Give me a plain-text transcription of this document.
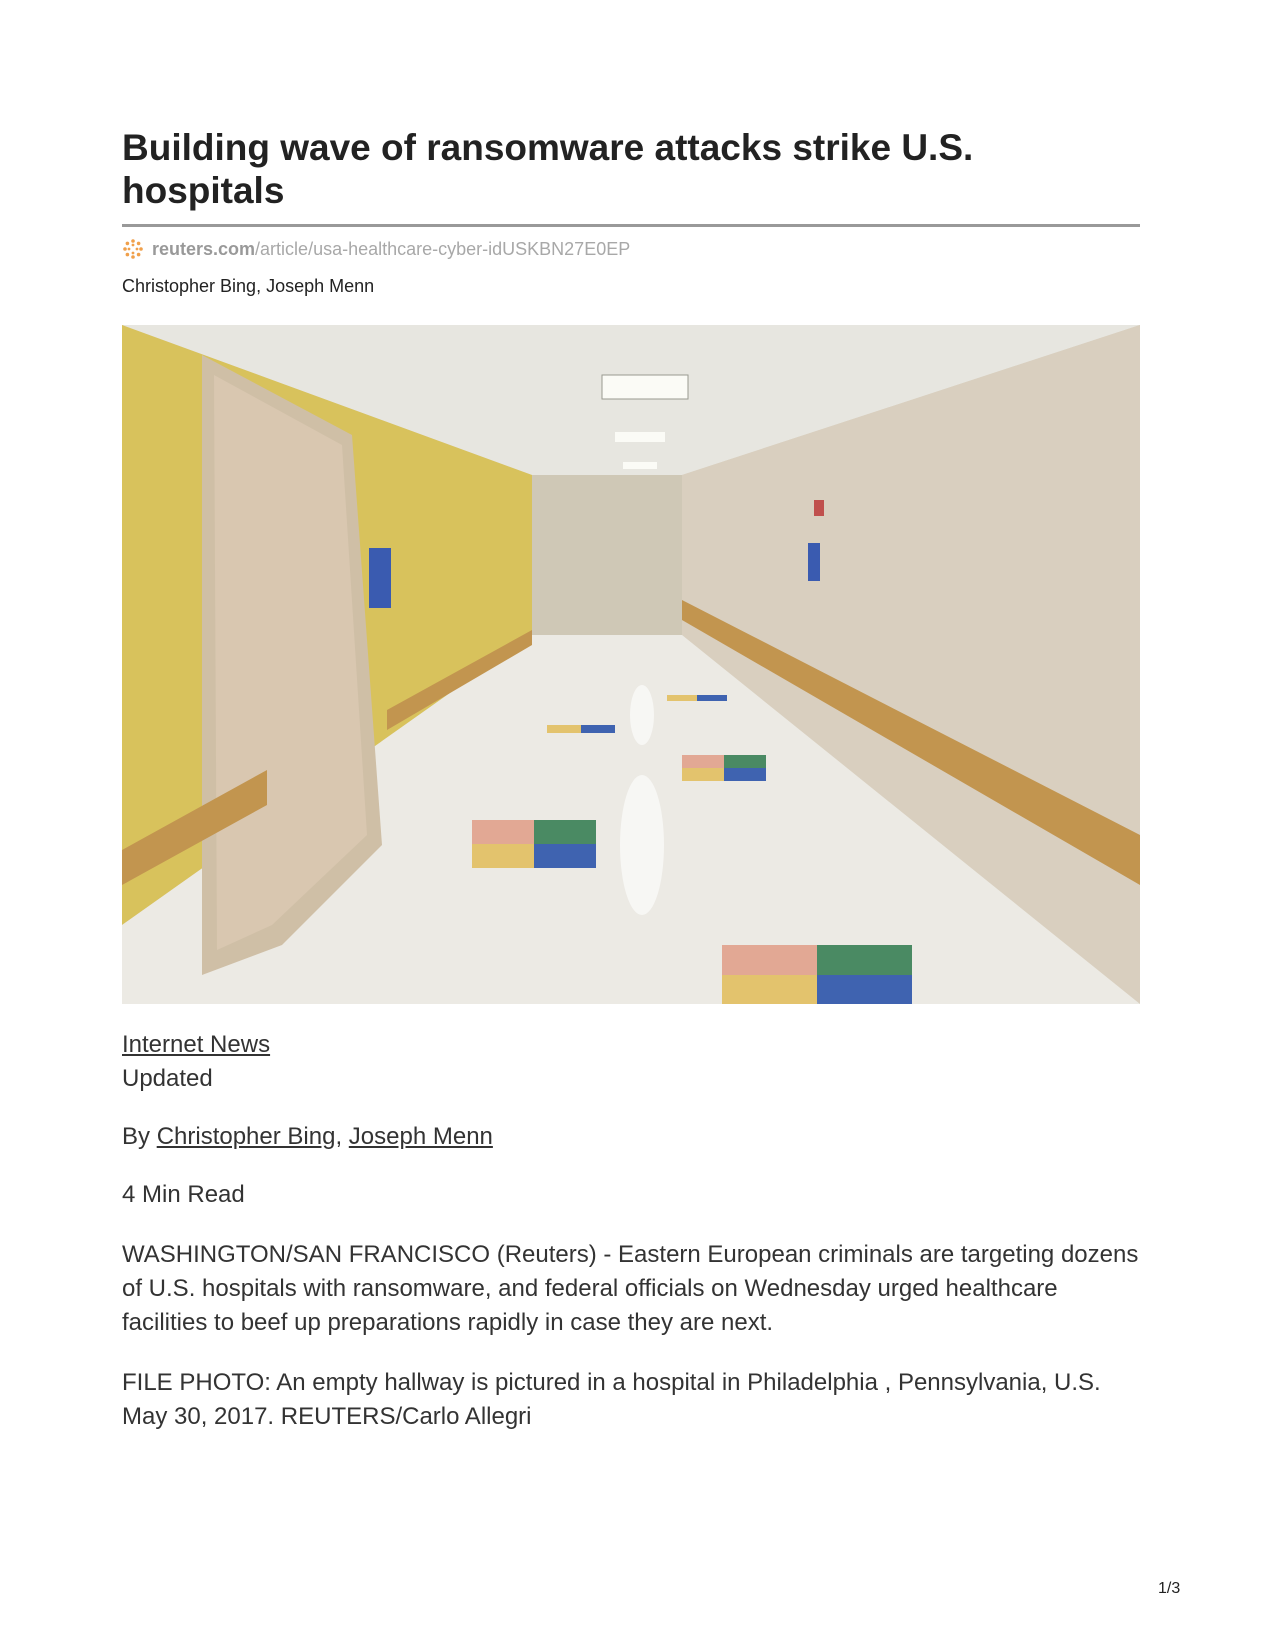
Building wave of ransomware attacks strike U.S. hospitals
reuters.com /article/usa-healthcare-cyber-idUSKBN27E0EP
Christopher Bing, Joseph Menn
Internet News
Updated
By Christopher Bing, Joseph Menn
4 Min Read

WASHINGTON/SAN FRANCISCO (Reuters) - Eastern European criminals are targeting dozens of U.S. hospitals with ransomware, and federal officials on Wednesday urged healthcare facilities to beef up preparations rapidly in case they are next.

FILE PHOTO: An empty hallway is pictured in a hospital in Philadelphia , Pennsylvania, U.S. May 30, 2017. REUTERS/Carlo Allegri

1/3
